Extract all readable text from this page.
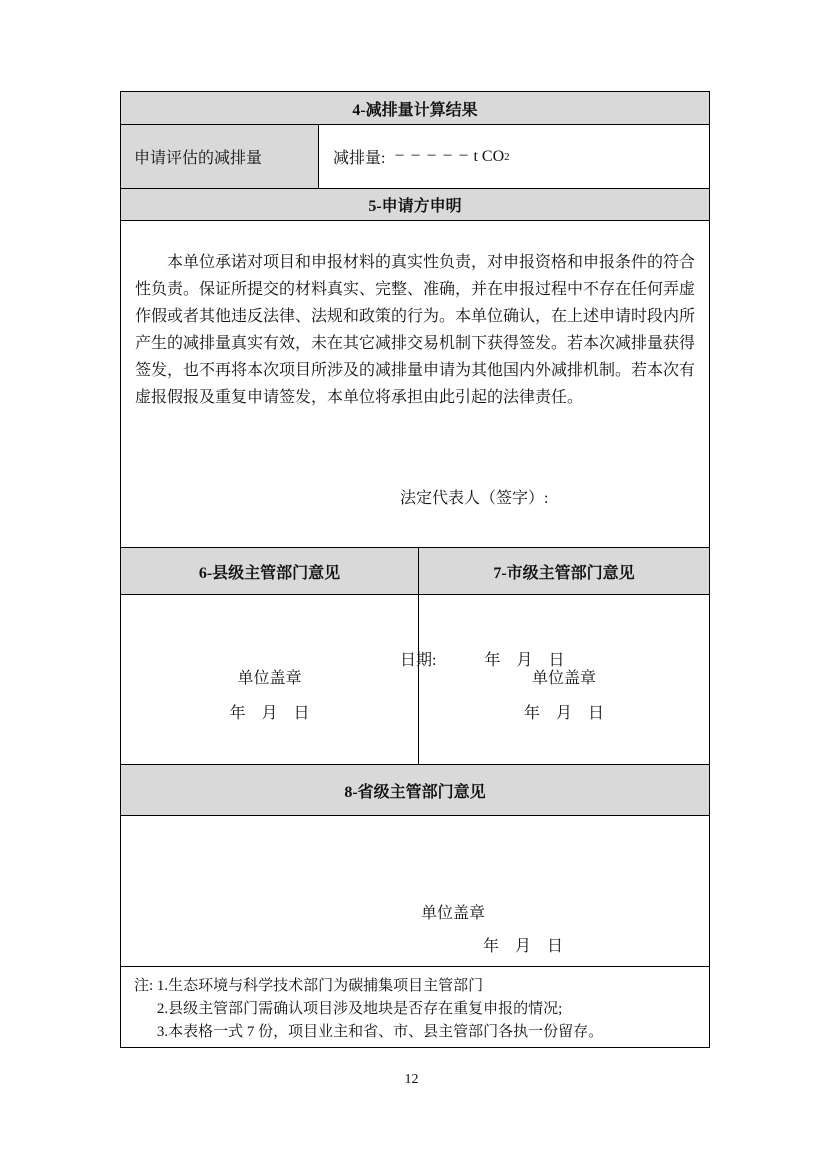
4-减排量计算结果
申请评估的减排量	减排量: – – – – – t CO 2
5-申请方申明

本单位承诺对项目和申报材料的真实性负责，对申报资格和申报条件的符合性负责。保证所提交的材料真实、完整、准确，并在申报过程中不存在任何弄虚作假或者其他违反法律、法规和政策的行为。本单位确认，在上述申请时段内所产生的减排量真实有效，未在其它减排交易机制下获得签发。若本次减排量获得签发，也不再将本次项目所涉及的减排量申请为其他国内外减排机制。若本次有虚报假报及重复申请签发，本单位将承担由此引起的法律责任。

法定代表人（签字）:

日期:　　　年　月　日

6-县级主管部门意见	7-市级主管部门意见
单位盖章
年　月　日
单位盖章
年　月　日
8-省级主管部门意见
单位盖章
年　月　日
注: 1.生态环境与科学技术部门为碳捕集项目主管部门
2.县级主管部门需确认项目涉及地块是否存在重复申报的情况;
3.本表格一式 7 份，项目业主和省、市、县主管部门各执一份留存。
12
